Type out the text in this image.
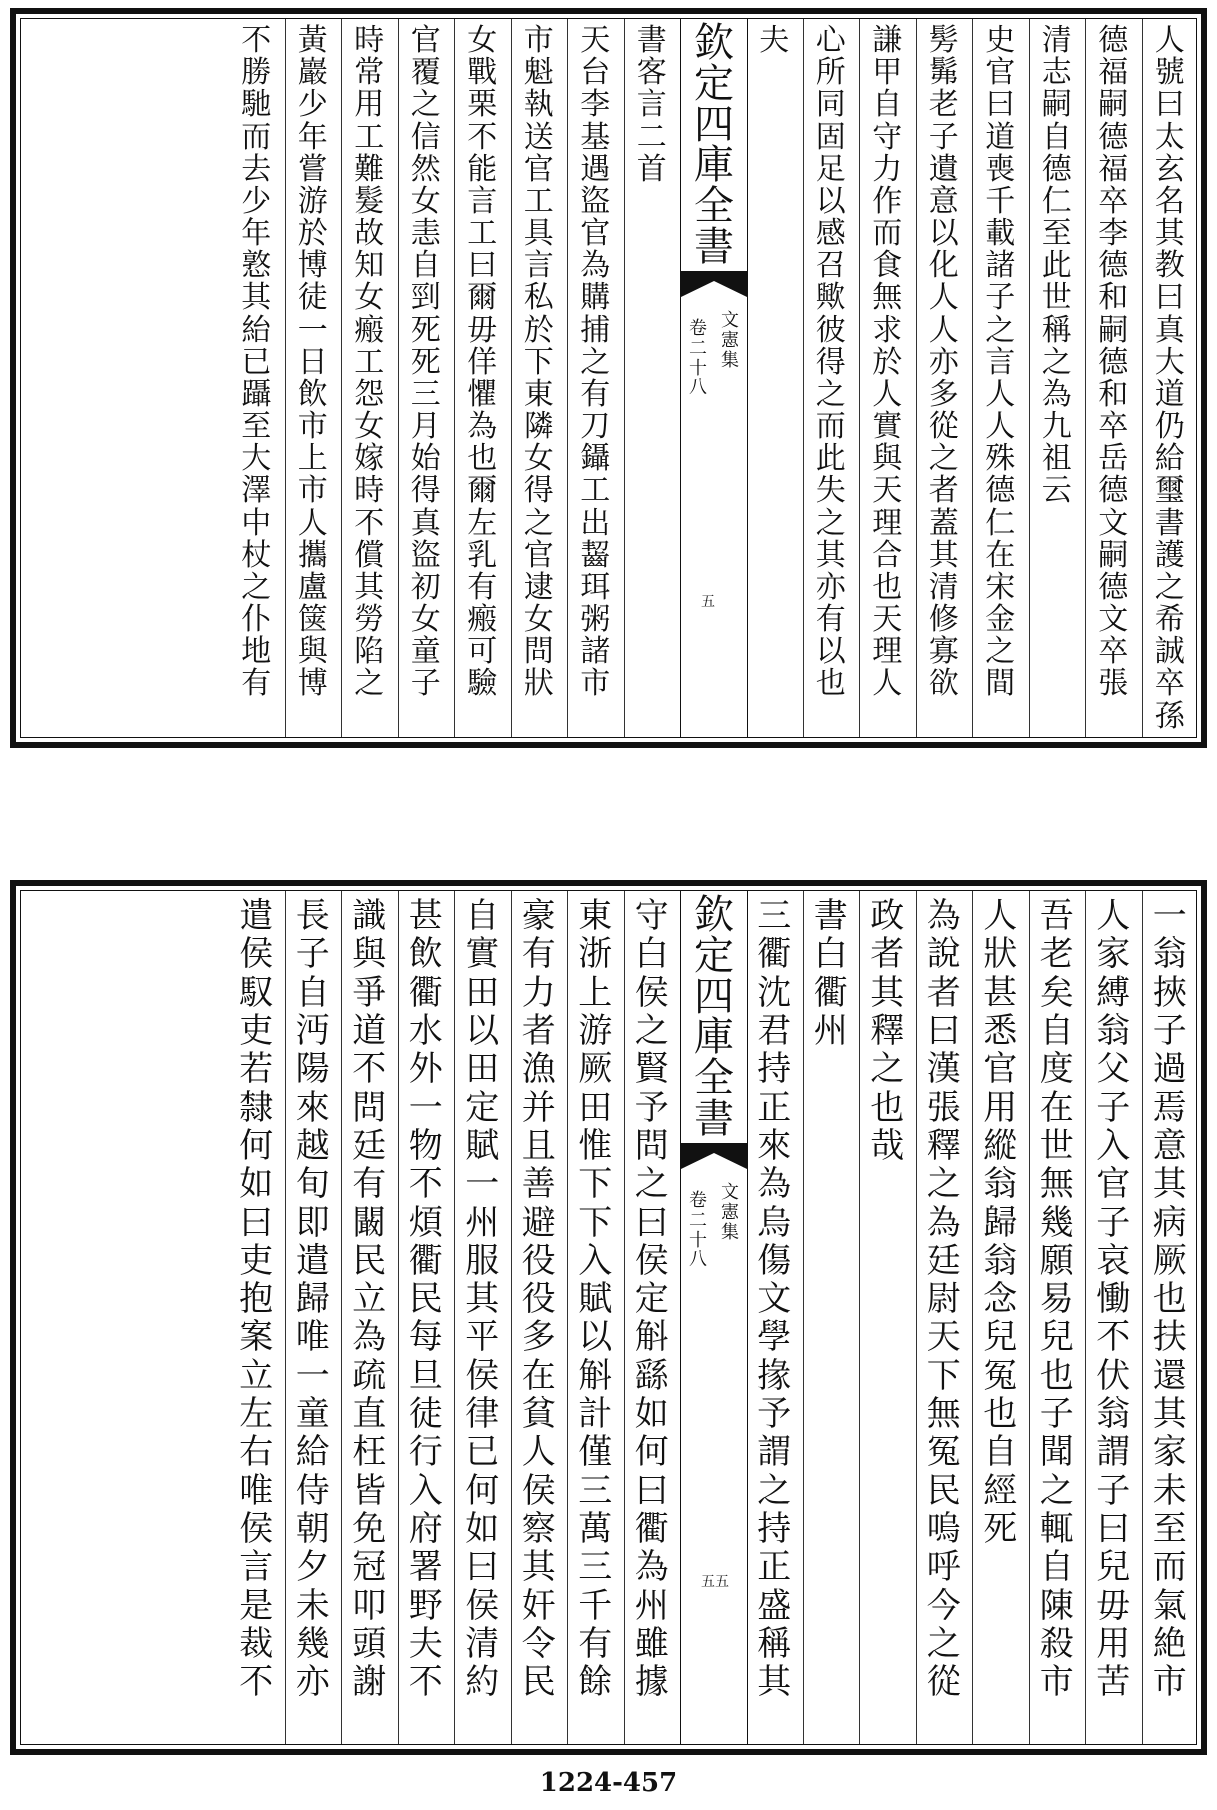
人
號
曰
太
玄
名
其
教
曰
真
大
道
仍
給
璽
書
護
之
希
誠
卒
孫
德
福
嗣
德
福
卒
李
德
和
嗣
德
和
卒
岳
德
文
嗣
德
文
卒
張
清
志
嗣
自
德
仁
至
此
世
稱
之
為
九
祖
云
史
官
曰
道
喪
千
載
諸
子
之
言
人
人
殊
德
仁
在
宋
金
之
間
髣
髴
老
子
遺
意
以
化
人
人
亦
多
從
之
者
蓋
其
清
修
寡
欲
謙
甲
自
守
力
作
而
食
無
求
於
人
實
與
天
理
合
也
天
理
人
心
所
同
固
足
以
感
召
歟
彼
得
之
而
此
失
之
其
亦
有
以
也
夫
欽
定
四
庫
全
書
文
憲
集
卷
二
十
八
五
書
客
言
二
首
天
台
李
基
遇
盜
官
為
購
捕
之
有
刀
鑷
工
出
齧
珥
粥
諸
市
市
魁
執
送
官
工
具
言
私
於
下
東
隣
女
得
之
官
逮
女
問
狀
女
戰
栗
不
能
言
工
曰
爾
毋
佯
懼
為
也
爾
左
乳
有
瘢
可
驗
官
覆
之
信
然
女
恚
自
剄
死
死
三
月
始
得
真
盜
初
女
童
子
時
常
用
工
難
髮
故
知
女
瘢
工
怨
女
嫁
時
不
償
其
勞
陷
之
黃
巖
少
年
嘗
游
於
博
徒
一
日
飲
市
上
市
人
攜
盧
箧
與
博
不
勝
馳
而
去
少
年
憝
其
紿
已
躡
至
大
澤
中
杖
之
仆
地
有
一
翁
挾
子
過
焉
意
其
病
厥
也
扶
還
其
家
未
至
而
氣
絶
市
人
家
縛
翁
父
子
入
官
子
哀
慟
不
伏
翁
謂
子
曰
兒
毋
用
苦
吾
老
矣
自
度
在
世
無
幾
願
易
兒
也
子
聞
之
輒
自
陳
殺
市
人
狀
甚
悉
官
用
縱
翁
歸
翁
念
兒
冤
也
自
經
死
為
說
者
曰
漢
張
釋
之
為
廷
尉
天
下
無
冤
民
嗚
呼
今
之
從
政
者
其
釋
之
也
哉
書
白
衢
州
三
衢
沈
君
持
正
來
為
烏
傷
文
學
掾
予
謂
之
持
正
盛
稱
其
欽
定
四
庫
全
書
文
憲
集
卷
二
十
八
五五
守
白
侯
之
賢
予
問
之
曰
侯
定
斛
繇
如
何
曰
衢
為
州
雖
據
東
浙
上
游
厥
田
惟
下
下
入
賦
以
斛
計
僅
三
萬
三
千
有
餘
豪
有
力
者
漁
并
且
善
避
役
役
多
在
貧
人
侯
察
其
奸
令
民
自
實
田
以
田
定
賦
一
州
服
其
平
侯
律
已
何
如
曰
侯
清
約
甚
飲
衢
水
外
一
物
不
煩
衢
民
每
旦
徒
行
入
府
署
野
夫
不
識
與
爭
道
不
問
廷
有
闞
民
立
為
疏
直
枉
皆
免
冠
叩
頭
謝
長
子
自
沔
陽
來
越
旬
即
遣
歸
唯
一
童
給
侍
朝
夕
未
幾
亦
遣
侯
馭
吏
若
隸
何
如
曰
吏
抱
案
立
左
右
唯
侯
言
是
裁
不
1224-457
